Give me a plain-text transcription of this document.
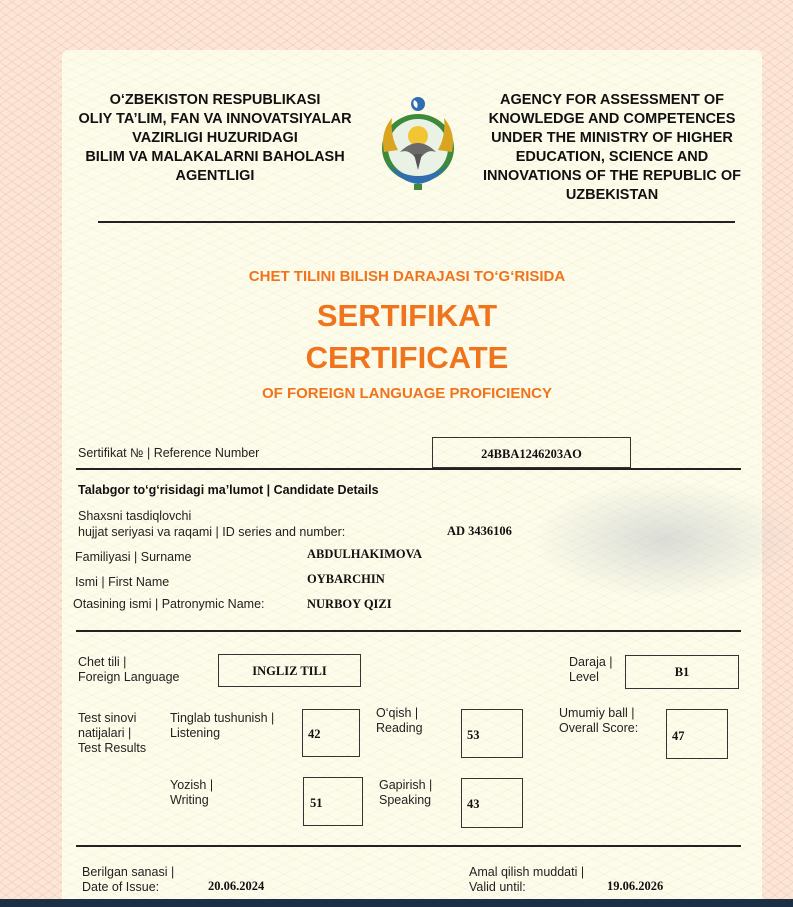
O‘ZBEKISTON RESPUBLIKASI
OLIY TA’LIM, FAN VA INNOVATSIYALAR
VAZIRLIGI HUZURIDAGI
BILIM VA MALAKALARNI BAHOLASH
AGENTLIGI
AGENCY FOR ASSESSMENT OF
KNOWLEDGE AND COMPETENCES
UNDER THE MINISTRY OF HIGHER
EDUCATION, SCIENCE AND
INNOVATIONS OF THE REPUBLIC OF
UZBEKISTAN
CHET TILINI BILISH DARAJASI TO‘G‘RISIDA
SERTIFIKAT
CERTIFICATE
OF FOREIGN LANGUAGE PROFICIENCY
Sertifikat № | Reference Number	24BBA1246203AO
Talabgor to‘g‘risidagi ma’lumot | Candidate Details
Shaxsni tasdiqlovchi
hujjat seriyasi va raqami | ID series and number:	AD 3436106
Familiyasi | Surname	ABDULHAKIMOVA
Ismi | First Name	OYBARCHIN
Otasining ismi | Patronymic Name:	NURBOY QIZI
Chet tili |
Foreign Language	INGLIZ TILI
Daraja |
Level	B1
Test sinovi
natijalari |
Test Results
Tinglab tushunish |
Listening	42
O‘qish |
Reading	53
Umumiy ball |
Overall Score:
47
Yozish |
Writing	51
Gapirish |
Speaking	43
Berilgan sanasi |
Date of Issue:	20.06.2024
Amal qilish muddati |
Valid until:	19.06.2026
